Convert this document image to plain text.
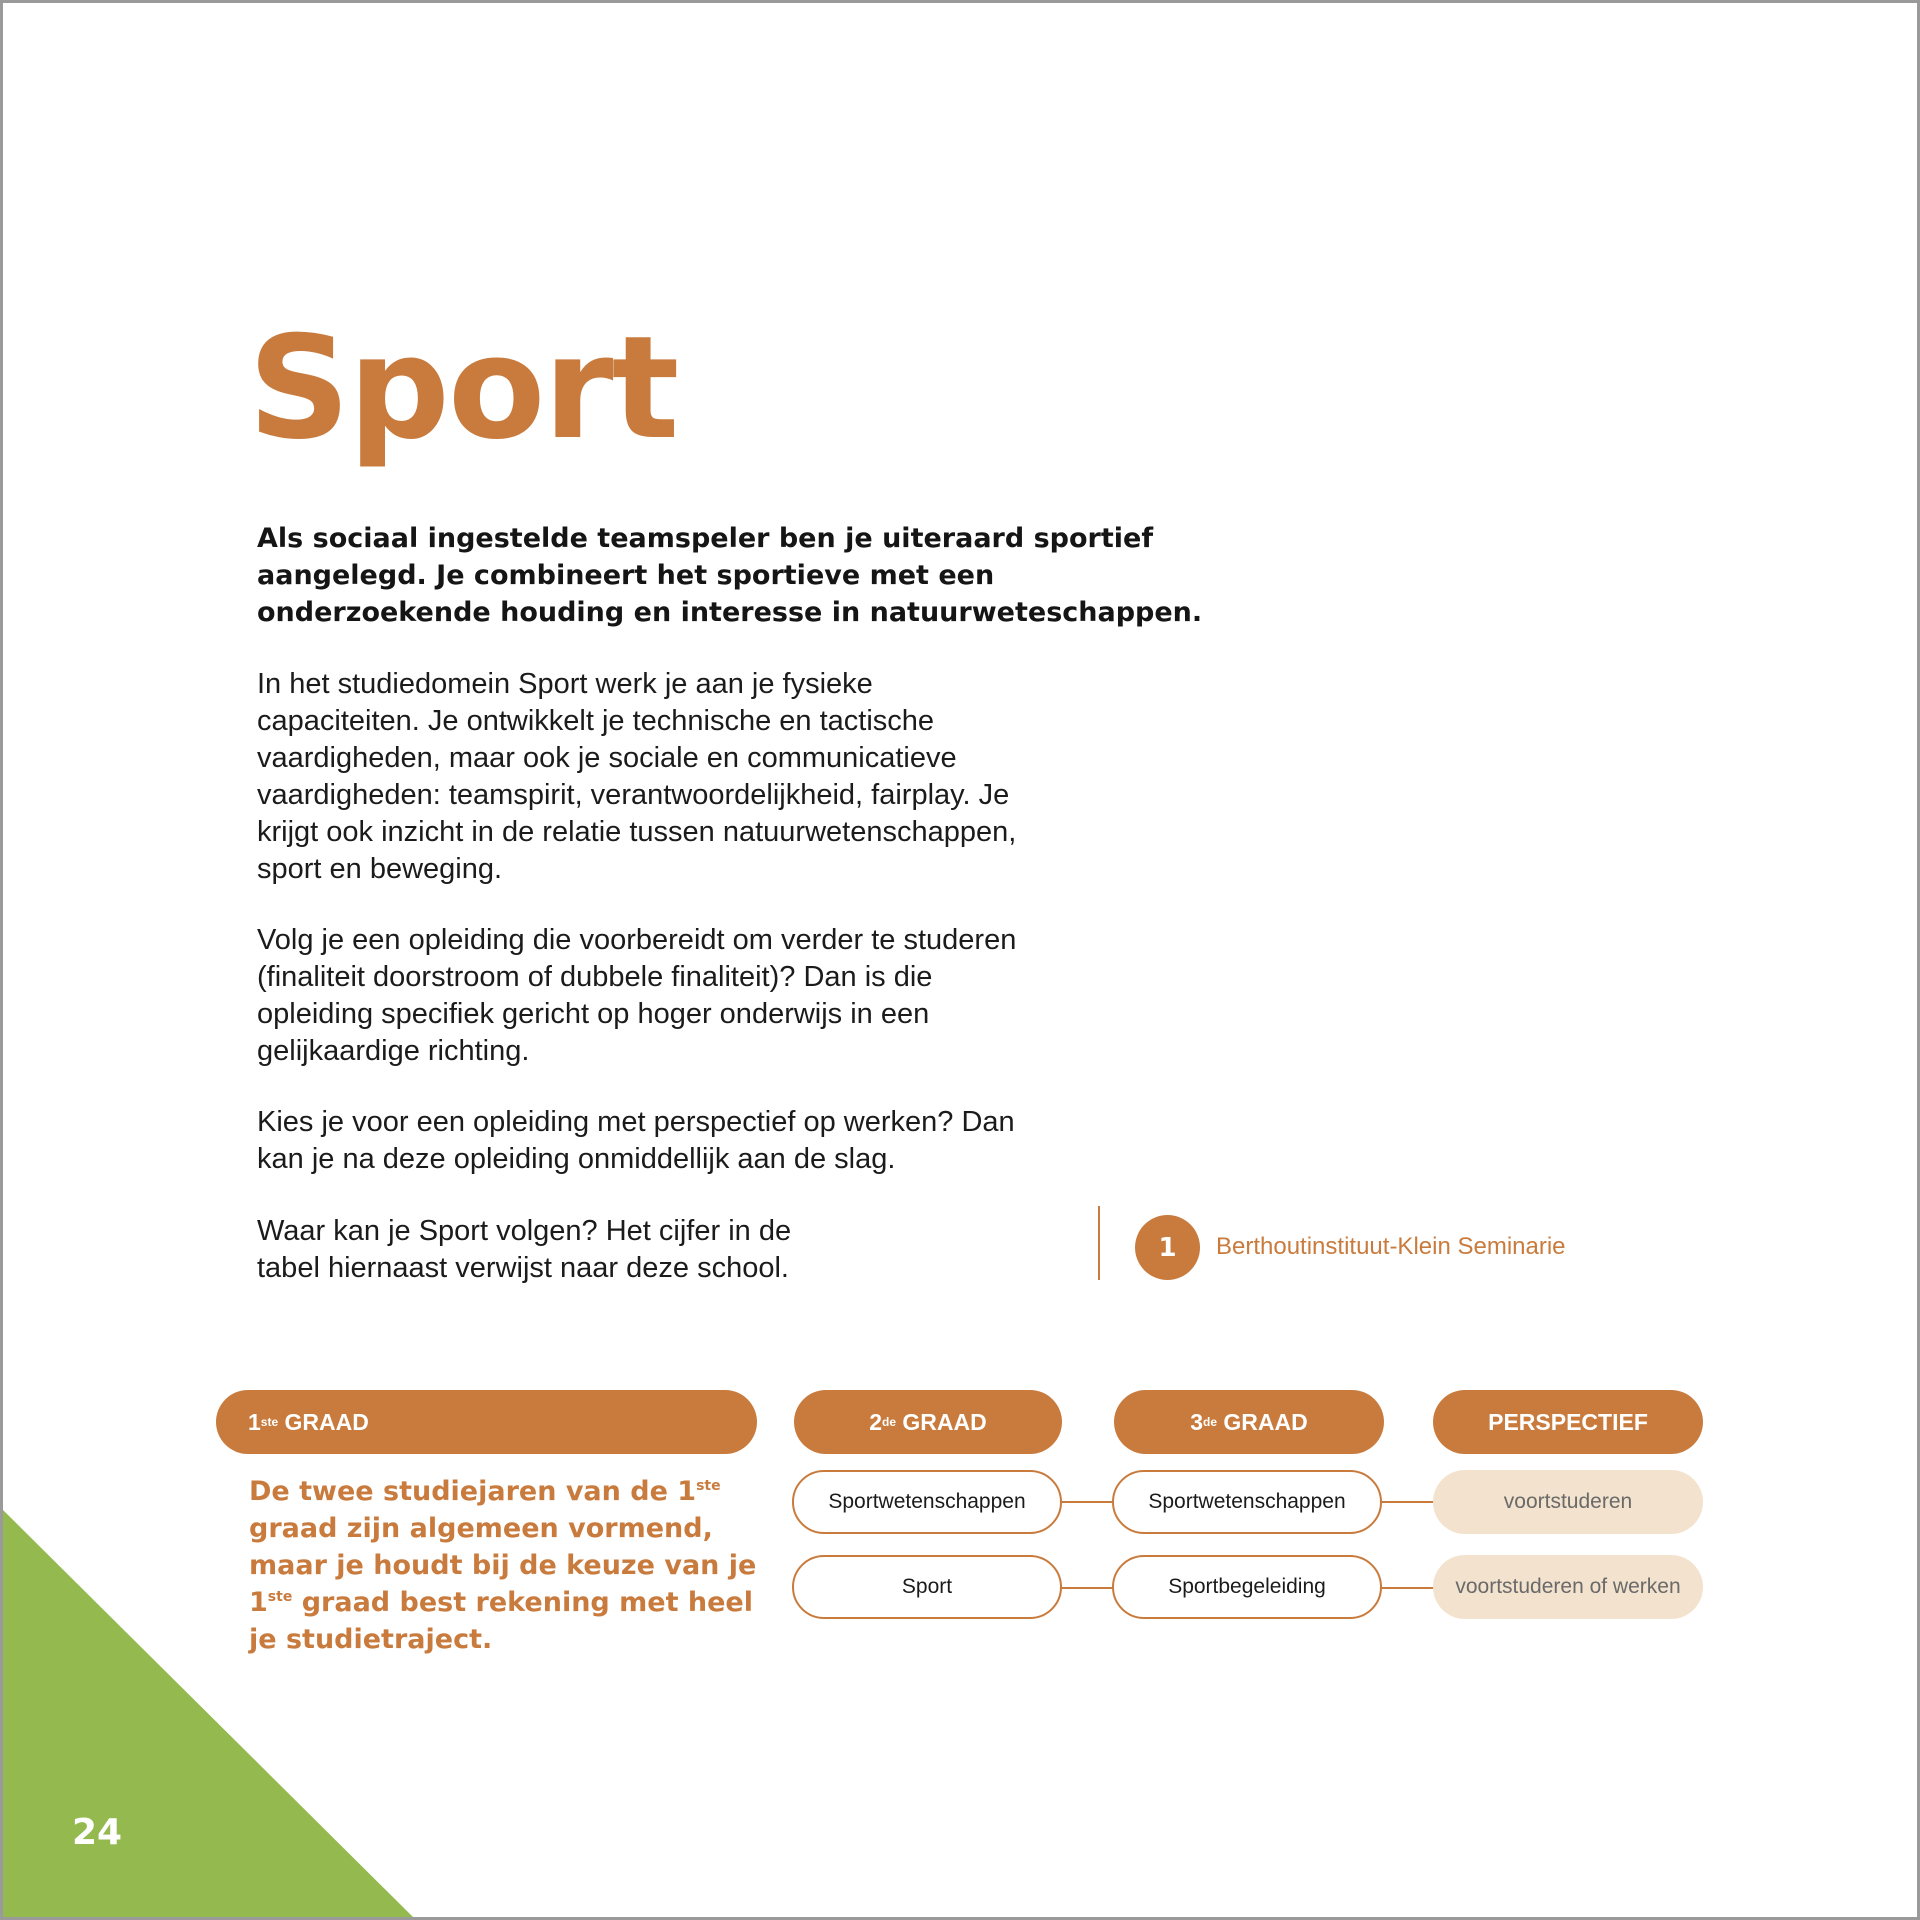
Sport

Als sociaal ingestelde teamspeler ben je uiteraard sportief aangelegd. Je combineert het sportieve met een onderzoekende houding en interesse in natuurweteschappen.

In het studiedomein Sport werk je aan je fysieke capaciteiten. Je ontwikkelt je technische en tactische vaardigheden, maar ook je sociale en communicatieve vaardigheden: teamspirit, verantwoordelijkheid, fairplay. Je krijgt ook inzicht in de relatie tussen natuurwetenschappen, sport en beweging.

Volg je een opleiding die voorbereidt om verder te studeren (finaliteit doorstroom of dubbele finaliteit)? Dan is die opleiding specifiek gericht op hoger onderwijs in een gelijkaardige richting.

Kies je voor een opleiding met perspectief op werken? Dan kan je na deze opleiding onmiddellijk aan de slag.

Waar kan je Sport volgen? Het cijfer in de tabel hiernaast verwijst naar deze school.

1	Berthoutinstituut-Klein Seminarie
1 ste GRAAD	2 de GRAAD	3 de GRAAD	PERSPECTIEF

De twee studiejaren van de 1ste graad zijn algemeen vormend, maar je houdt bij de keuze van je 1ste graad best rekening met heel je studietraject.

Sportwetenschappen	Sportwetenschappen	voortstuderen
Sport	Sportbegeleiding	voortstuderen of werken
24
